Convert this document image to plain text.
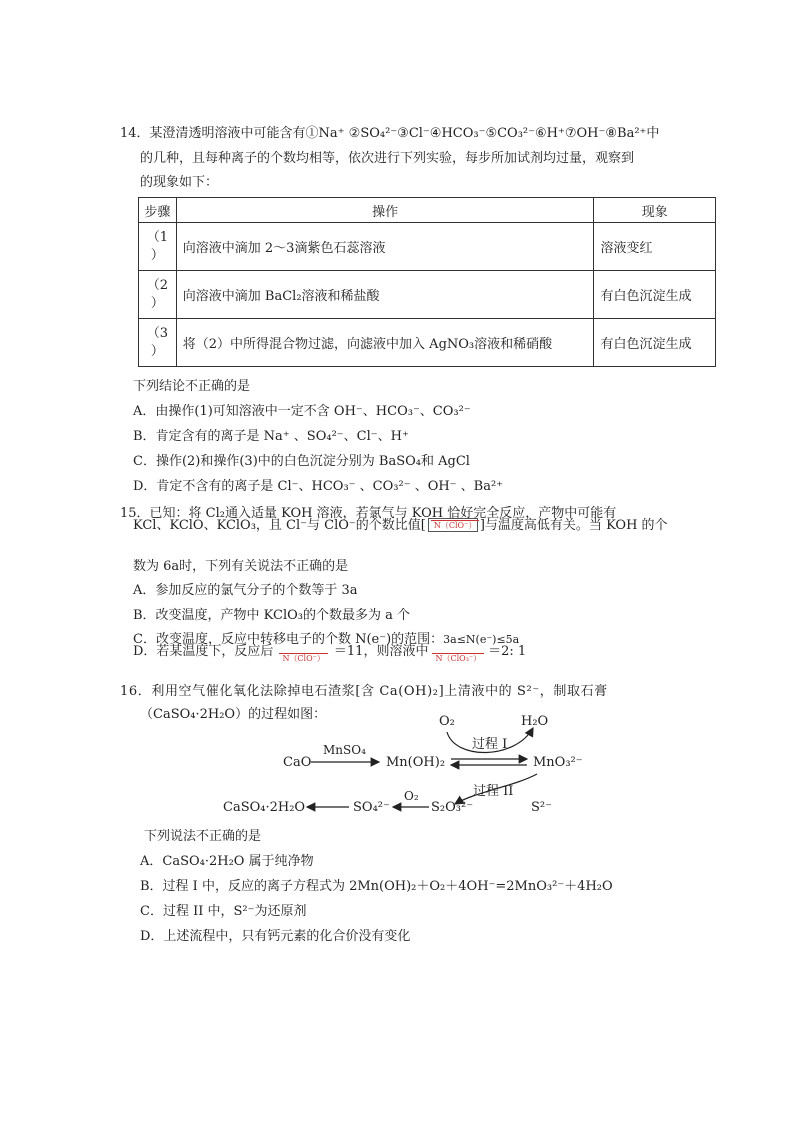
14．某澄清透明溶液中可能含有①Na⁺ ②SO₄²⁻③Cl⁻④HCO₃⁻⑤CO₃²⁻⑥H⁺⑦OH⁻⑧Ba²⁺中
的几种，且每种离子的个数均相等，依次进行下列实验，每步所加试剂均过量，观察到
的现象如下：
步骤	操作	现象
（1
）	向溶液中滴加 2～3滴紫色石蕊溶液	溶液变红
（2
）	向溶液中滴加 BaCl₂溶液和稀盐酸	有白色沉淀生成
（3
）	将（2）中所得混合物过滤，向滤液中加入 AgNO₃溶液和稀硝酸	有白色沉淀生成
下列结论不正确的是
A．由操作(1)可知溶液中一定不含 OH⁻、HCO₃⁻、CO₃²⁻
B．肯定含有的离子是 Na⁺ 、SO₄²⁻、Cl⁻、H⁺
C．操作(2)和操作(3)中的白色沉淀分别为 BaSO₄和 AgCl
D．肯定不含有的离子是 Cl⁻、HCO₃⁻ 、CO₃²⁻ 、OH⁻ 、Ba²⁺
15．已知：将 Cl₂通入适量 KOH 溶液，若氯气与 KOH 恰好完全反应，产物中可能有
KCl、KClO、KClO₃，且 Cl⁻与 ClO⁻的个数比值[	N（ClO⁻） ]与温度高低有关。当 KOH 的个
数为 6a时，下列有关说法不正确的是
A．参加反应的氯气分子的个数等于 3a
B．改变温度，产物中 KClO₃的个数最多为 a 个
C．改变温度，反应中转移电子的个数 N(e⁻)的范围：3a≤N(e⁻)≤5a
D．若某温度下，反应后 N（ClO⁻） ＝11，则溶液中 N（ClO₃⁻） ＝2: 1
16．利用空气催化氧化法除掉电石渣浆[含 Ca(OH)₂]上清液中的 S²⁻，制取石膏
（CaSO₄·2H₂O）的过程如图：	O₂	H₂O
过程 I
CaO
MnSO₄
Mn(OH)₂	MnO₃²⁻
过程 II
CaSO₄·2H₂O	SO₄²⁻
O₂
S₂O₃²⁻	S²⁻
下列说法不正确的是
A．CaSO₄·2H₂O 属于纯净物
B．过程 I 中，反应的离子方程式为 2Mn(OH)₂＋O₂＋4OH⁻=2MnO₃²⁻＋4H₂O
C．过程 II 中，S²⁻为还原剂
D．上述流程中，只有钙元素的化合价没有变化
